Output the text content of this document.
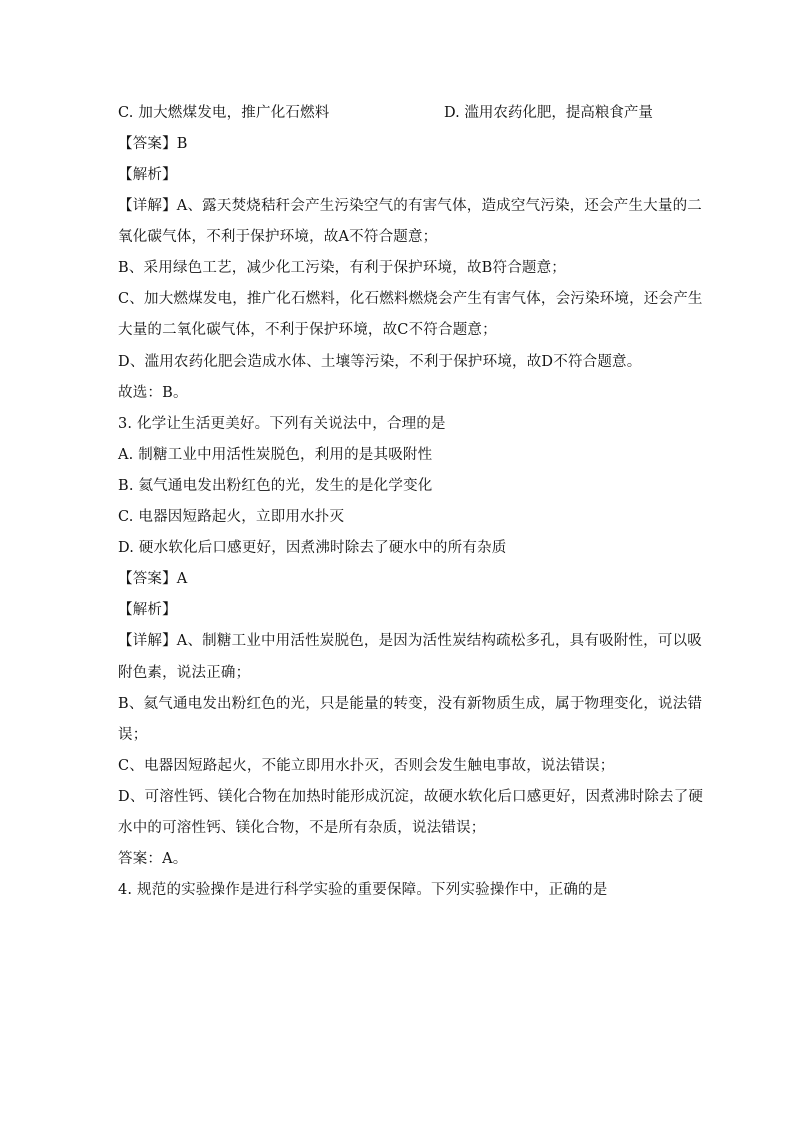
C. 加大燃煤发电，推广化石燃料	D. 滥用农药化肥，提高粮食产量
【答案】B
【解析】
【详解】A、露天焚烧秸秆会产生污染空气的有害气体，造成空气污染，还会产生大量的二
氧化碳气体，不利于保护环境，故A不符合题意；
B、采用绿色工艺，减少化工污染，有利于保护环境，故B符合题意；
C、加大燃煤发电，推广化石燃料，化石燃料燃烧会产生有害气体，会污染环境，还会产生
大量的二氧化碳气体，不利于保护环境，故C不符合题意；
D、滥用农药化肥会造成水体、土壤等污染，不利于保护环境，故D不符合题意。
故选：B。
3. 化学让生活更美好。下列有关说法中，合理的是
A. 制糖工业中用活性炭脱色，利用的是其吸附性
B. 氦气通电发出粉红色的光，发生的是化学变化
C. 电器因短路起火，立即用水扑灭
D. 硬水软化后口感更好，因煮沸时除去了硬水中的所有杂质
【答案】A
【解析】
【详解】A、制糖工业中用活性炭脱色，是因为活性炭结构疏松多孔，具有吸附性，可以吸
附色素，说法正确；
B、氦气通电发出粉红色的光，只是能量的转变，没有新物质生成，属于物理变化，说法错
误；
C、电器因短路起火，不能立即用水扑灭，否则会发生触电事故，说法错误；
D、可溶性钙、镁化合物在加热时能形成沉淀，故硬水软化后口感更好，因煮沸时除去了硬
水中的可溶性钙、镁化合物，不是所有杂质，说法错误；
答案：A。
4. 规范的实验操作是进行科学实验的重要保障。下列实验操作中，正确的是
